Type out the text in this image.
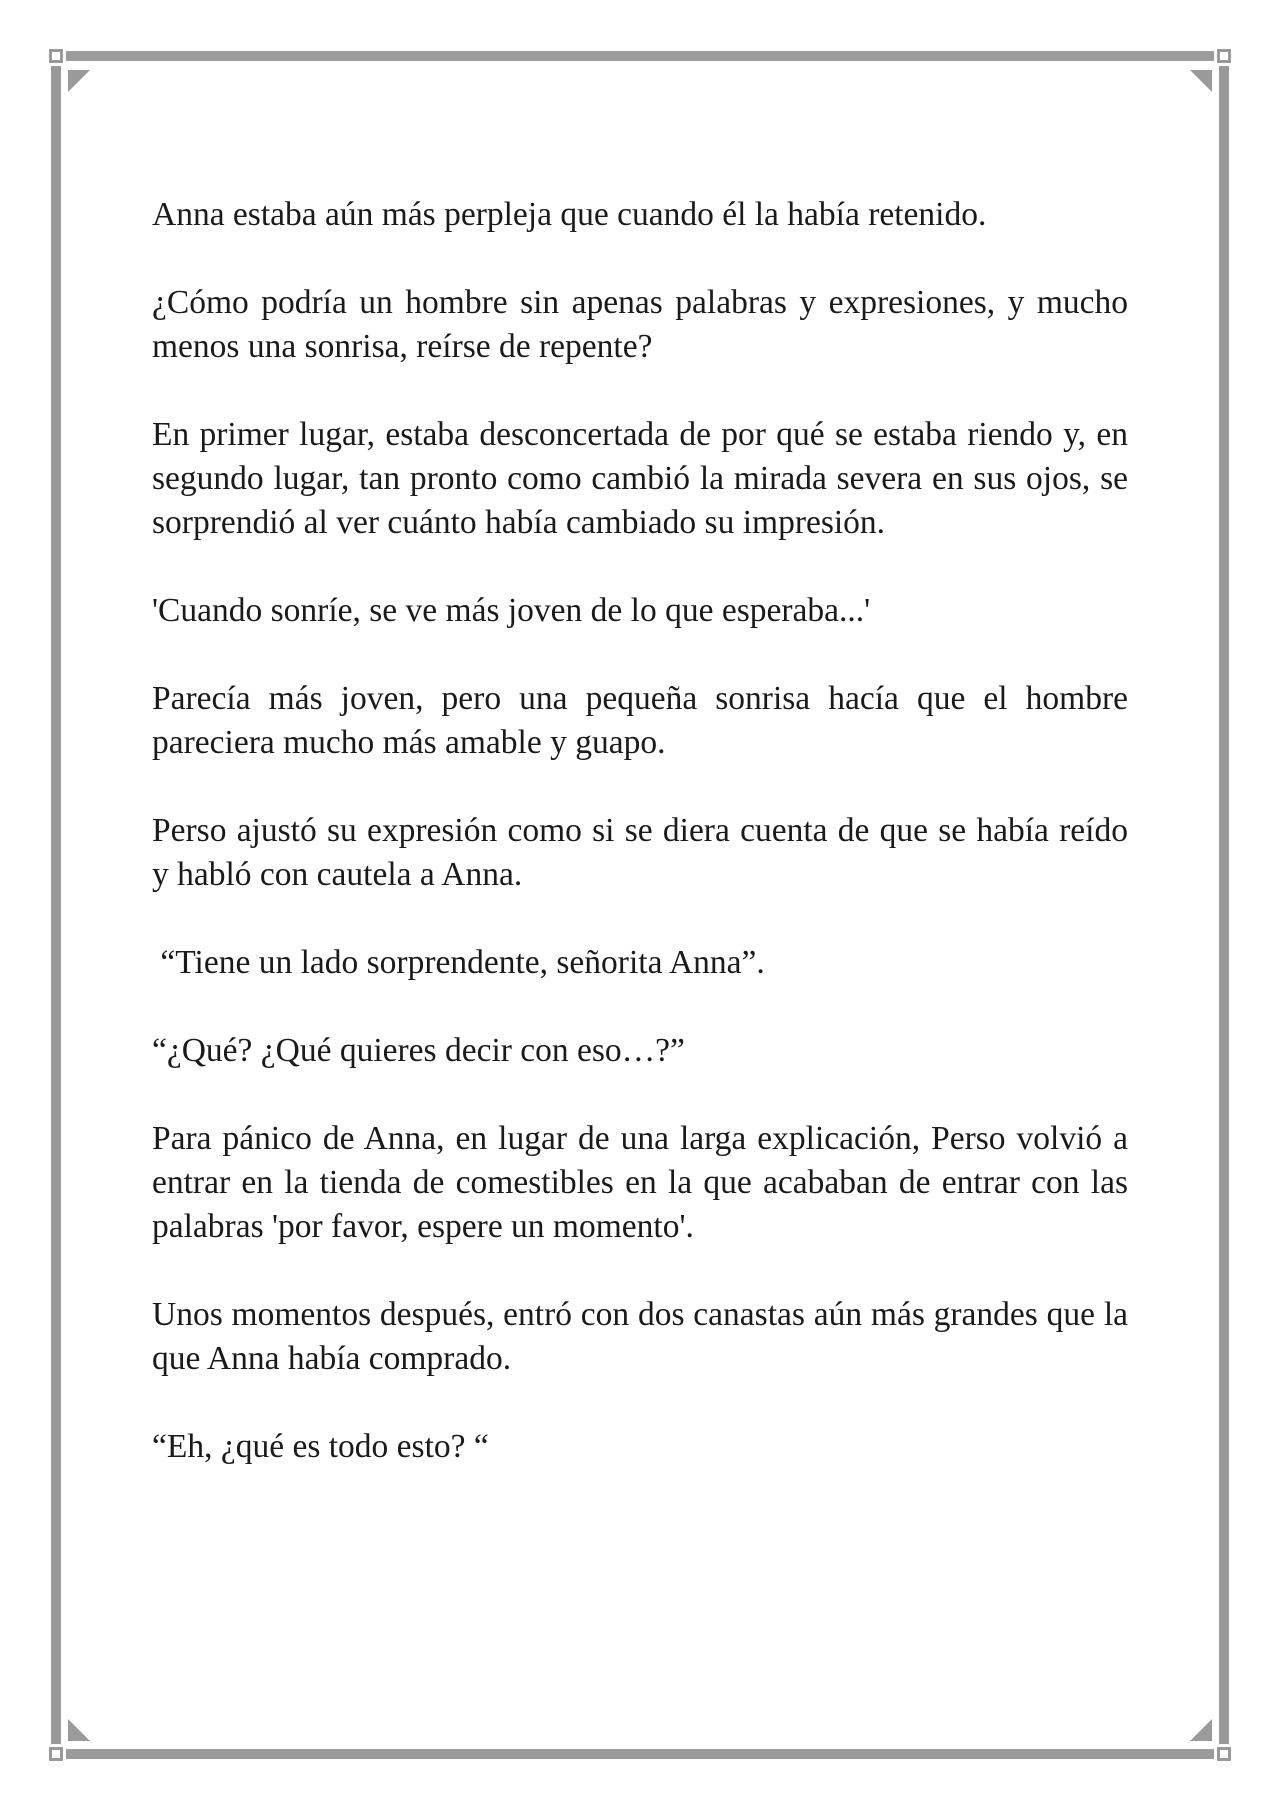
Anna estaba aún más perpleja que cuando él la había retenido.

¿Cómo podría un hombre sin apenas palabras y expresiones, y mucho menos una sonrisa, reírse de repente?

En primer lugar, estaba desconcertada de por qué se estaba riendo y, en segundo lugar, tan pronto como cambió la mirada severa en sus ojos, se sorprendió al ver cuánto había cambiado su impresión.

'Cuando sonríe, se ve más joven de lo que esperaba...'

Parecía más joven, pero una pequeña sonrisa hacía que el hombre pareciera mucho más amable y guapo.

Perso ajustó su expresión como si se diera cuenta de que se había reído y habló con cautela a Anna.

“Tiene un lado sorprendente, señorita Anna”.

“¿Qué? ¿Qué quieres decir con eso…?”

Para pánico de Anna, en lugar de una larga explicación, Perso volvió a entrar en la tienda de comestibles en la que acababan de entrar con las palabras 'por favor, espere un momento'.

Unos momentos después, entró con dos canastas aún más grandes que la que Anna había comprado.

“Eh, ¿qué es todo esto? “
